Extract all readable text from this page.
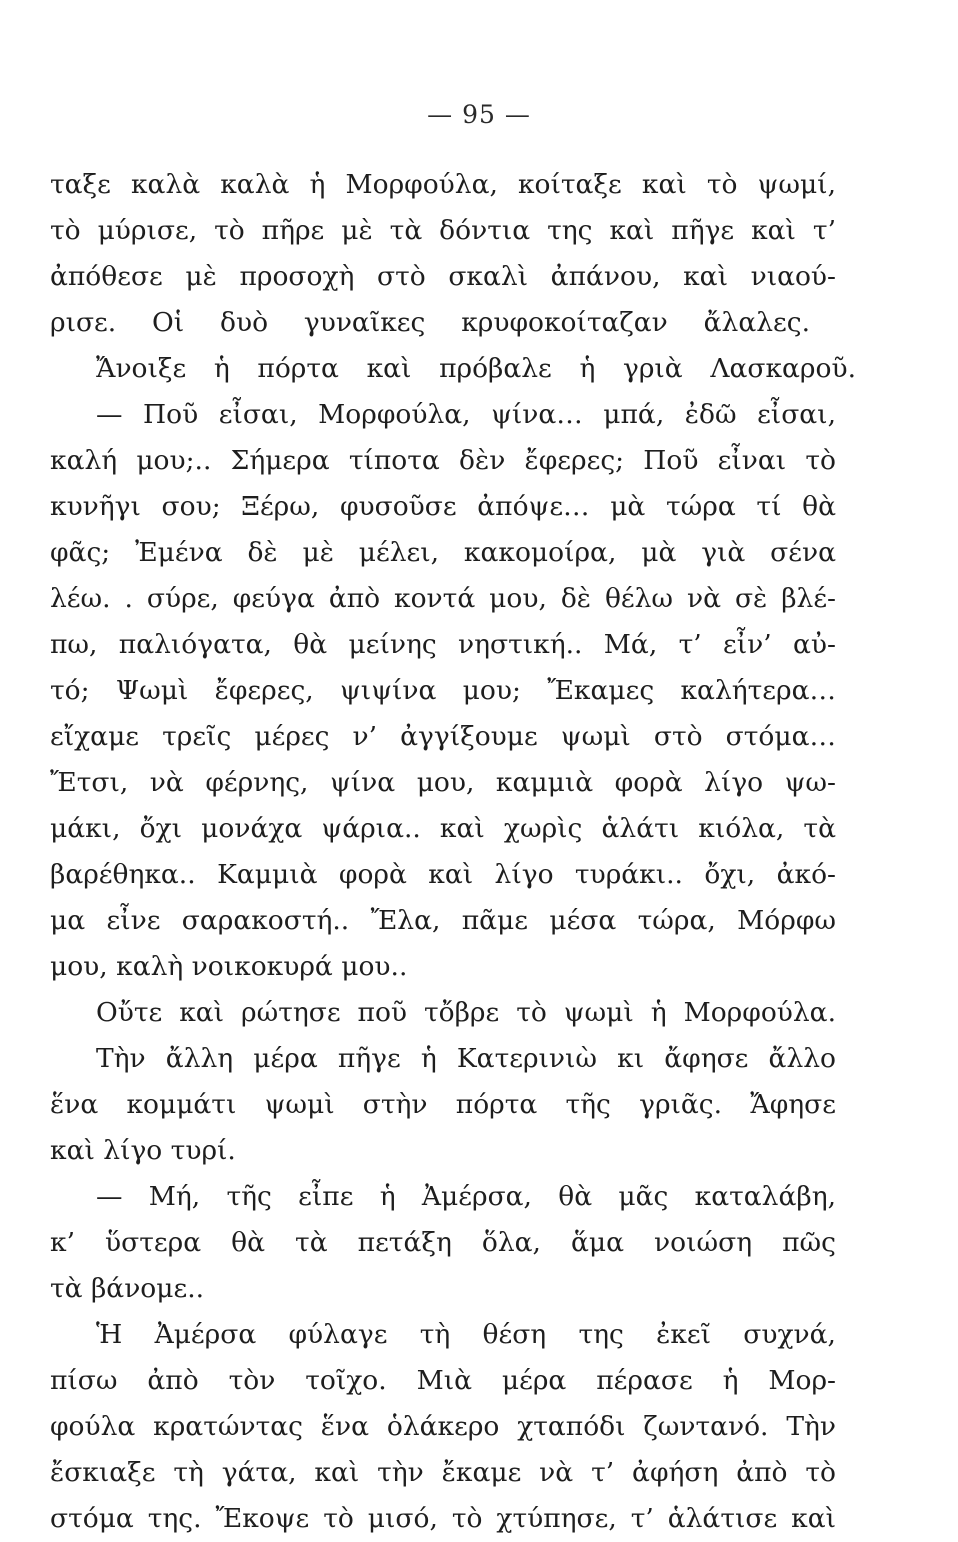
— 95 —
ταξε καλὰ καλὰ ἡ Μορφούλα, κοίταξε καὶ τὸ ψωμί,
τὸ μύρισε, τὸ πῆρε μὲ τὰ δόντια της καὶ πῆγε καὶ τ’
ἀπόθεσε μὲ προσοχὴ στὸ σκαλὶ ἀπάνου, καὶ νιαού-
ρισε. Οἱ δυὸ γυναῖκες κρυφοκοίταζαν ἄλαλες.
Ἄνοιξε ἡ πόρτα καὶ πρόβαλε ἡ γριὰ Λασκαροῦ.
— Ποῦ εἶσαι, Μορφούλα, ψίνα… μπά, ἐδῶ εἶσαι,
καλή μου;.. Σήμερα τίποτα δὲν ἔφερες; Ποῦ εἶναι τὸ
κυνῆγι σου; Ξέρω, φυσοῦσε ἀπόψε… μὰ τώρα τί θὰ
φᾶς; Ἐμένα δὲ μὲ μέλει, κακομοίρα, μὰ γιὰ σένα
λέω. . σύρε, φεύγα ἀπὸ κοντά μου, δὲ θέλω νὰ σὲ βλέ-
πω, παλιόγατα, θὰ μείνης νηστική.. Μά, τ’ εἶν’ αὐ-
τό; Ψωμὶ ἔφερες, ψιψίνα μου; Ἔκαμες καλήτερα…
εἴχαμε τρεῖς μέρες ν’ ἀγγίξουμε ψωμὶ στὸ στόμα…
Ἔτσι, νὰ φέρνης, ψίνα μου, καμμιὰ φορὰ λίγο ψω-
μάκι, ὄχι μονάχα ψάρια.. καὶ χωρὶς ἁλάτι κιόλα, τὰ
βαρέθηκα.. Καμμιὰ φορὰ καὶ λίγο τυράκι.. ὄχι, ἀκό-
μα εἶνε σαρακοστή.. Ἔλα, πᾶμε μέσα τώρα, Μόρφω
μου, καλὴ νοικοκυρά μου..
Οὔτε καὶ ρώτησε ποῦ τὄβρε τὸ ψωμὶ ἡ Μορφούλα.
Τὴν ἄλλη μέρα πῆγε ἡ Κατερινιὼ κι ἄφησε ἄλλο
ἕνα κομμάτι ψωμὶ στὴν πόρτα τῆς γριᾶς. Ἄφησε
καὶ λίγο τυρί.
— Μή, τῆς εἶπε ἡ Ἀμέρσα, θὰ μᾶς καταλάβη,
κ’ ὕστερα θὰ τὰ πετάξη ὅλα, ἅμα νοιώση πῶς
τὰ βάνομε..
Ἡ Ἀμέρσα φύλαγε τὴ θέση της ἐκεῖ συχνά,
πίσω ἀπὸ τὸν τοῖχο. Μιὰ μέρα πέρασε ἡ Μορ-
φούλα κρατώντας ἕνα ὁλάκερο χταπόδι ζωντανό. Τὴν
ἔσκιαξε τὴ γάτα, καὶ τὴν ἔκαμε νὰ τ’ ἀφήση ἀπὸ τὸ
στόμα της. Ἔκοψε τὸ μισό, τὸ χτύπησε, τ’ ἁλάτισε καὶ
